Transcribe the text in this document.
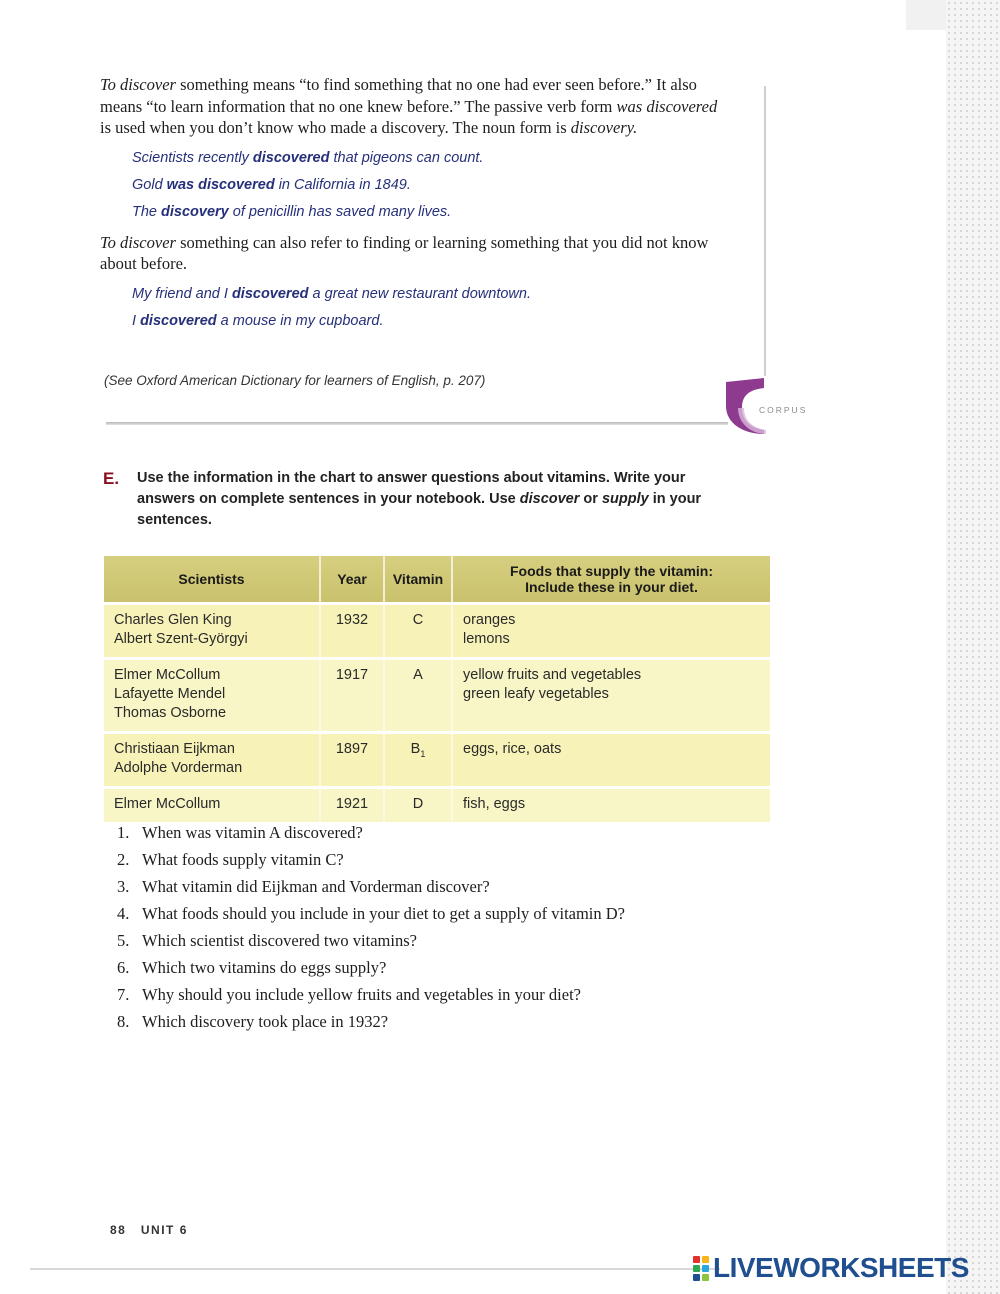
To discover something means “to find something that no one had ever seen before.” It also means “to learn information that no one knew before.” The passive verb form was discovered is used when you don’t know who made a discovery. The noun form is discovery.

Scientists recently discovered that pigeons can count.
Gold was discovered in California in 1849.
The discovery of penicillin has saved many lives.

To discover something can also refer to finding or learning something that you did not know about before.

My friend and I discovered a great new restaurant downtown.
I discovered a mouse in my cupboard.
(See Oxford American Dictionary for learners of English, p. 207)
CORPUS
E. Use the information in the chart to answer questions about vitamins. Write your answers on complete sentences in your notebook. Use discover or supply in your sentences.
Scientists	Year	Vitamin	Foods that supply the vitamin:
Include these in your diet.

Charles Glen King
Albert Szent-Györgyi	1932	C	oranges
lemons

Elmer McCollum
Lafayette Mendel
Thomas Osborne	1917	A	yellow fruits and vegetables
green leafy vegetables

Christiaan Eijkman
Adolphe Vorderman	1897	$B_1$	eggs, rice, oats

Elmer McCollum	1921	D	fish, eggs
1. When was vitamin A discovered?
2. What foods supply vitamin C?
3. What vitamin did Eijkman and Vorderman discover?
4. What foods should you include in your diet to get a supply of vitamin D?
5. Which scientist discovered two vitamins?
6. Which two vitamins do eggs supply?
7. Why should you include yellow fruits and vegetables in your diet?
8. Which discovery took place in 1932?
88 UNIT 6
LIVEWORKSHEETS
